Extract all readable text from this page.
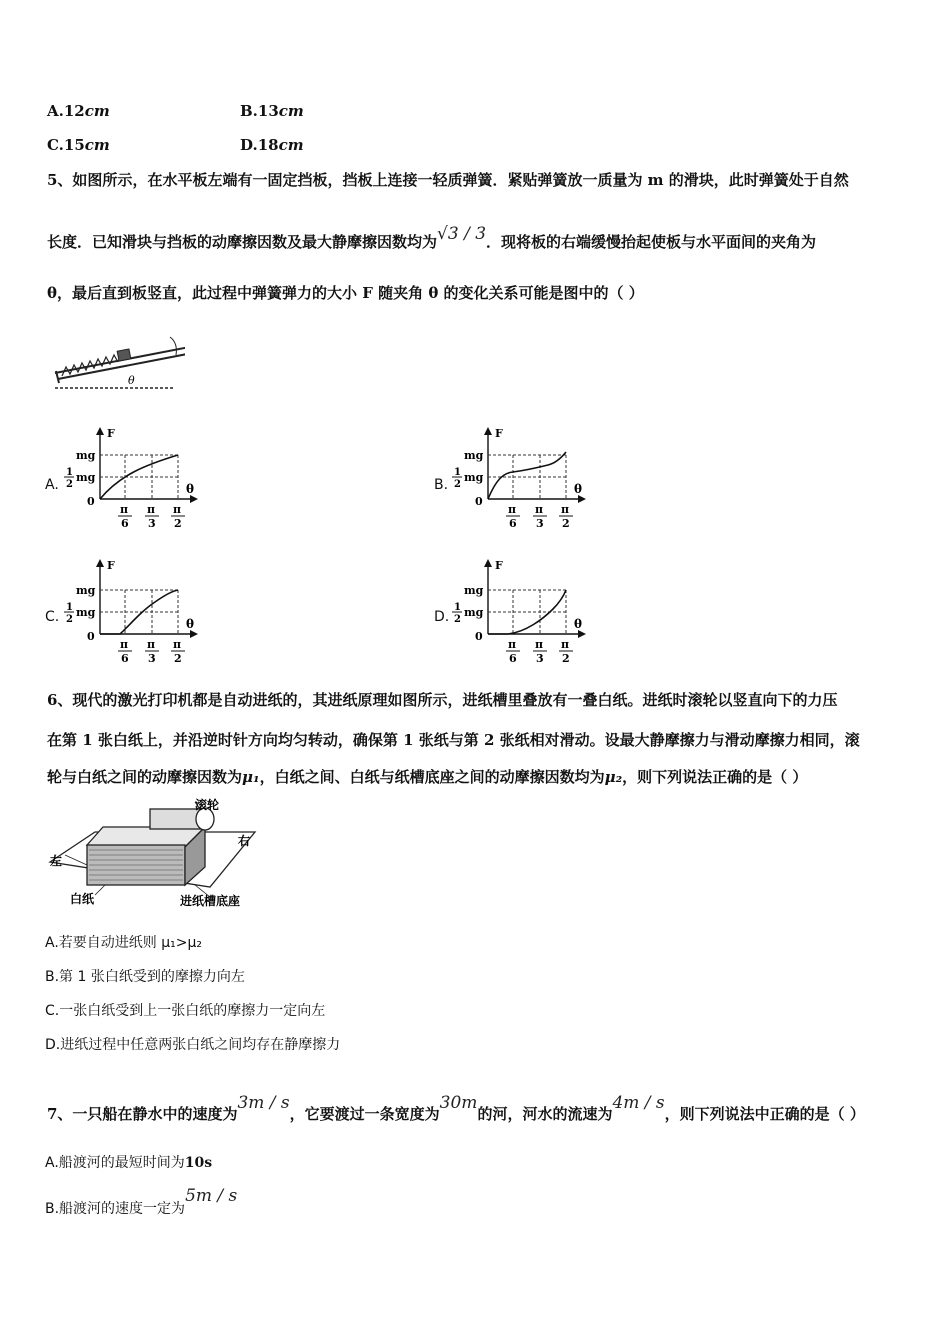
A.12cm	B.13cm
C.15cm	D.18cm
5、如图所示，在水平板左端有一固定挡板，挡板上连接一轻质弹簧．紧贴弹簧放一质量为 m 的滑块，此时弹簧处于自然
长度．已知滑块与挡板的动摩擦因数及最大静摩擦因数均为√3 / 3．现将板的右端缓慢抬起使板与水平面间的夹角为
θ，最后直到板竖直，此过程中弹簧弹力的大小 F 随夹角 θ 的变化关系可能是图中的（ ）
θ
A.	B.
C.	D.
F
mg
1
2
mg
0
θ
π
6
π
3
π
2
F
mg
1
2
mg
0
θ
π
6
π
3
π
2
F
mg
1
2
mg
0
θ
π
6
π
3
π
2
F
mg
1
2
mg
0
θ
π
6
π
3
π
2
6、现代的激光打印机都是自动进纸的，其进纸原理如图所示，进纸槽里叠放有一叠白纸。进纸时滚轮以竖直向下的力压
在第 1 张白纸上，并沿逆时针方向均匀转动，确保第 1 张纸与第 2 张纸相对滑动。设最大静摩擦力与滑动摩擦力相同，滚
轮与白纸之间的动摩擦因数为μ₁，白纸之间、白纸与纸槽底座之间的动摩擦因数均为μ₂，则下列说法正确的是（ ）
滚轮
右
左
白纸	进纸槽底座
A.若要自动进纸则 μ₁>μ₂
B.第 1 张白纸受到的摩擦力向左
C.一张白纸受到上一张白纸的摩擦力一定向左
D.进纸过程中任意两张白纸之间均存在静摩擦力
7、一只船在静水中的速度为3m / s，它要渡过一条宽度为30m的河，河水的流速为4m / s，则下列说法中正确的是（ ）
A.船渡河的最短时间为10s
B.船渡河的速度一定为5m / s
